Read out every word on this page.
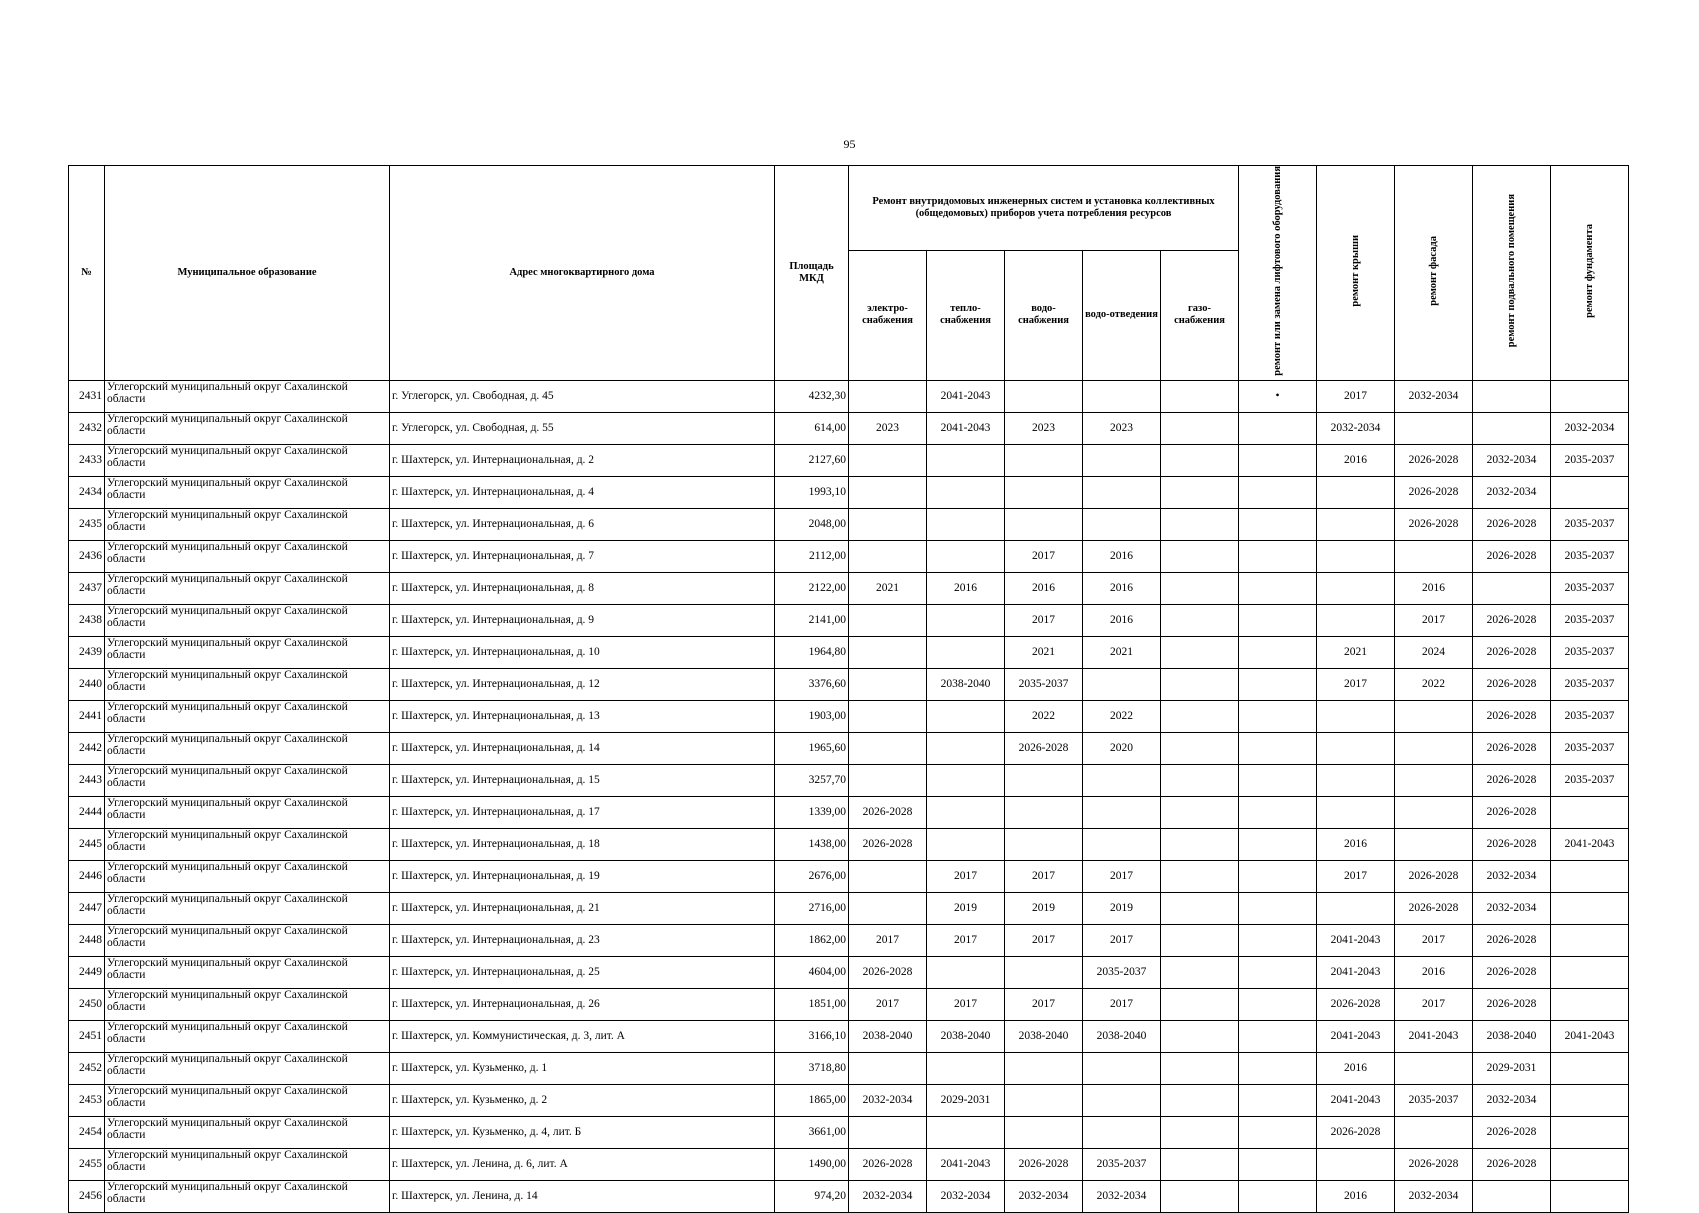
95
№	Муниципальное образование	Адрес многоквартирного дома	Площадь МКД	Ремонт внутридомовых инженерных систем и установка коллективных (общедомовых) приборов учета потребления ресурсов					ремонт или замена лифтового оборудования	ремонт крыши	ремонт фасада	ремонт подвального помещения	ремонт фундамента
				электро-снабжения	тепло-снабжения	водо-снабжения	водо-отведения	газо-снабжения					
2431	Углегорский муниципальный округ Сахалинской области	г. Углегорск, ул. Свободная, д. 45	4232,30		2041-2043				•	2017	2032-2034		
2432	Углегорский муниципальный округ Сахалинской области	г. Углегорск, ул. Свободная, д. 55	614,00	2023	2041-2043	2023	2023			2032-2034			2032-2034
2433	Углегорский муниципальный округ Сахалинской области	г. Шахтерск, ул. Интернациональная, д. 2	2127,60							2016	2026-2028	2032-2034	2035-2037
2434	Углегорский муниципальный округ Сахалинской области	г. Шахтерск, ул. Интернациональная, д. 4	1993,10								2026-2028	2032-2034	
2435	Углегорский муниципальный округ Сахалинской области	г. Шахтерск, ул. Интернациональная, д. 6	2048,00								2026-2028	2026-2028	2035-2037
2436	Углегорский муниципальный округ Сахалинской области	г. Шахтерск, ул. Интернациональная, д. 7	2112,00			2017	2016					2026-2028	2035-2037
2437	Углегорский муниципальный округ Сахалинской области	г. Шахтерск, ул. Интернациональная, д. 8	2122,00	2021	2016	2016	2016				2016		2035-2037
2438	Углегорский муниципальный округ Сахалинской области	г. Шахтерск, ул. Интернациональная, д. 9	2141,00			2017	2016				2017	2026-2028	2035-2037
2439	Углегорский муниципальный округ Сахалинской области	г. Шахтерск, ул. Интернациональная, д. 10	1964,80			2021	2021			2021	2024	2026-2028	2035-2037
2440	Углегорский муниципальный округ Сахалинской области	г. Шахтерск, ул. Интернациональная, д. 12	3376,60		2038-2040	2035-2037				2017	2022	2026-2028	2035-2037
2441	Углегорский муниципальный округ Сахалинской области	г. Шахтерск, ул. Интернациональная, д. 13	1903,00			2022	2022					2026-2028	2035-2037
2442	Углегорский муниципальный округ Сахалинской области	г. Шахтерск, ул. Интернациональная, д. 14	1965,60			2026-2028	2020					2026-2028	2035-2037
2443	Углегорский муниципальный округ Сахалинской области	г. Шахтерск, ул. Интернациональная, д. 15	3257,70									2026-2028	2035-2037
2444	Углегорский муниципальный округ Сахалинской области	г. Шахтерск, ул. Интернациональная, д. 17	1339,00	2026-2028								2026-2028	
2445	Углегорский муниципальный округ Сахалинской области	г. Шахтерск, ул. Интернациональная, д. 18	1438,00	2026-2028						2016		2026-2028	2041-2043
2446	Углегорский муниципальный округ Сахалинской области	г. Шахтерск, ул. Интернациональная, д. 19	2676,00		2017	2017	2017			2017	2026-2028	2032-2034	
2447	Углегорский муниципальный округ Сахалинской области	г. Шахтерск, ул. Интернациональная, д. 21	2716,00		2019	2019	2019				2026-2028	2032-2034	
2448	Углегорский муниципальный округ Сахалинской области	г. Шахтерск, ул. Интернациональная, д. 23	1862,00	2017	2017	2017	2017			2041-2043	2017	2026-2028	
2449	Углегорский муниципальный округ Сахалинской области	г. Шахтерск, ул. Интернациональная, д. 25	4604,00	2026-2028			2035-2037			2041-2043	2016	2026-2028	
2450	Углегорский муниципальный округ Сахалинской области	г. Шахтерск, ул. Интернациональная, д. 26	1851,00	2017	2017	2017	2017			2026-2028	2017	2026-2028	
2451	Углегорский муниципальный округ Сахалинской области	г. Шахтерск, ул. Коммунистическая, д. 3, лит. А	3166,10	2038-2040	2038-2040	2038-2040	2038-2040			2041-2043	2041-2043	2038-2040	2041-2043
2452	Углегорский муниципальный округ Сахалинской области	г. Шахтерск, ул. Кузьменко, д. 1	3718,80							2016		2029-2031	
2453	Углегорский муниципальный округ Сахалинской области	г. Шахтерск, ул. Кузьменко, д. 2	1865,00	2032-2034	2029-2031					2041-2043	2035-2037	2032-2034	
2454	Углегорский муниципальный округ Сахалинской области	г. Шахтерск, ул. Кузьменко, д. 4, лит. Б	3661,00							2026-2028		2026-2028	
2455	Углегорский муниципальный округ Сахалинской области	г. Шахтерск, ул. Ленина, д. 6, лит. А	1490,00	2026-2028	2041-2043	2026-2028	2035-2037				2026-2028	2026-2028	
2456	Углегорский муниципальный округ Сахалинской области	г. Шахтерск, ул. Ленина, д. 14	974,20	2032-2034	2032-2034	2032-2034	2032-2034			2016	2032-2034		
